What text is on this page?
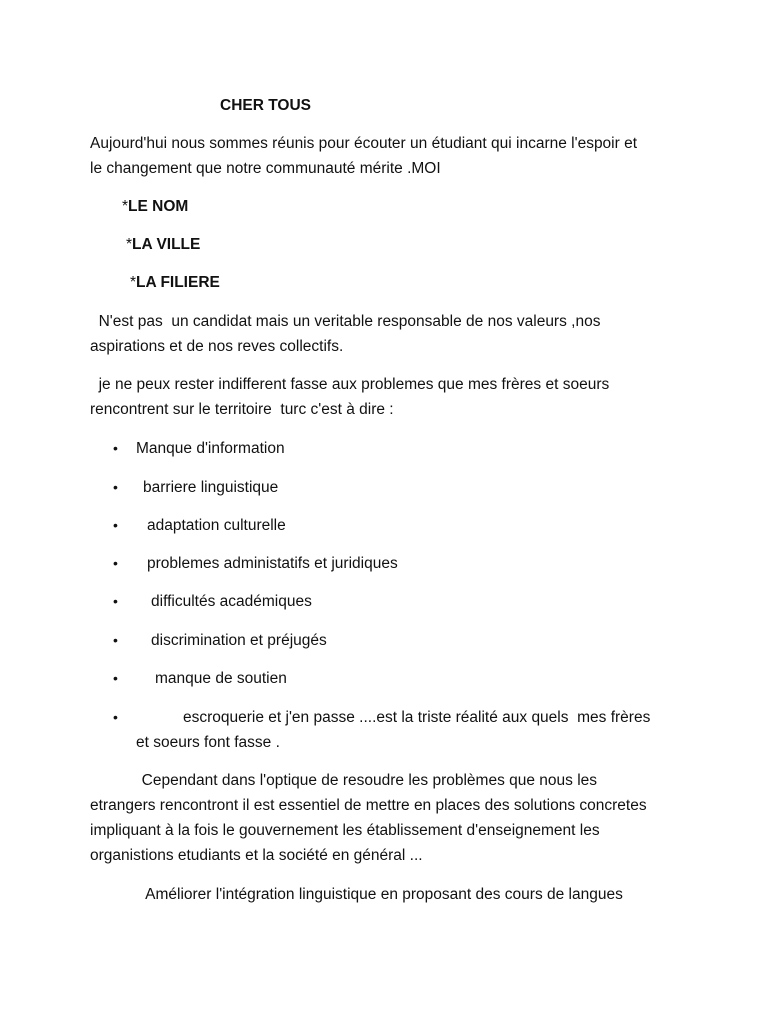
CHER TOUS
Aujourd'hui nous sommes réunis pour écouter un étudiant qui incarne l'espoir et
le changement que notre communauté mérite .MOI
*LE NOM
*LA VILLE
*LA FILIERE
N'est pas  un candidat mais un veritable responsable de nos valeurs ,nos
aspirations et de nos reves collectifs.
je ne peux rester indifferent fasse aux problemes que mes frères et soeurs
rencontrent sur le territoire  turc c'est à dire :
• Manque d'information
• barriere linguistique
• adaptation culturelle
• problemes administatifs et juridiques
• difficultés académiques
• discrimination et préjugés
• manque de soutien
•	escroquerie et j'en passe ....est la triste réalité aux quels  mes frères
et soeurs font fasse .
Cependant dans l'optique de resoudre les problèmes que nous les
etrangers rencontront il est essentiel de mettre en places des solutions concretes
impliquant à la fois le gouvernement les établissement d'enseignement les
organistions etudiants et la société en général ...
Améliorer l'intégration linguistique en proposant des cours de langues
